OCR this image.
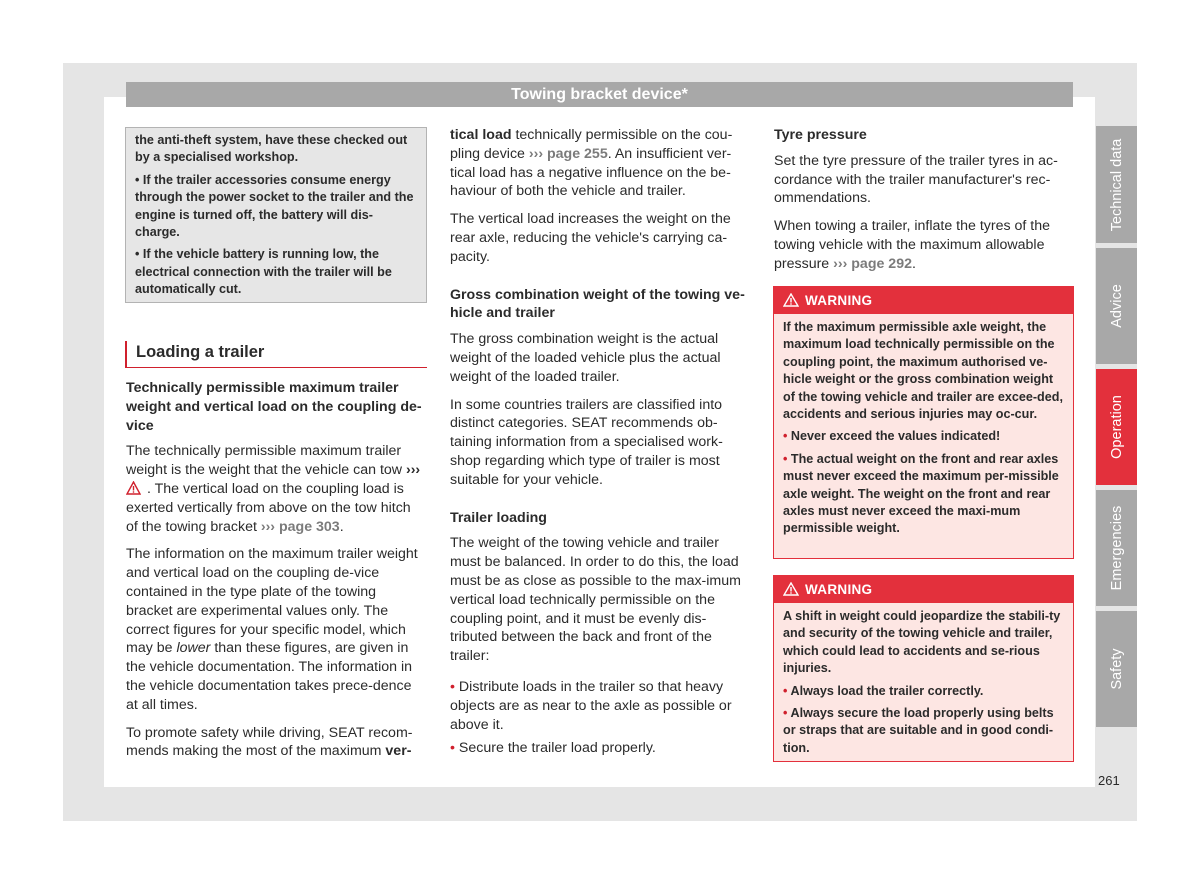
Towing bracket device*

the anti-theft system, have these checked out by a specialised workshop.

• If the trailer accessories consume energy through the power socket to the trailer and the engine is turned off, the battery will dis-charge.

• If the vehicle battery is running low, the electrical connection with the trailer will be automatically cut.

Loading a trailer

Technically permissible maximum trailer weight and vertical load on the coupling de-vice

The technically permissible maximum trailer weight is the weight that the vehicle can tow ››› . The vertical load on the coupling load is exerted vertically from above on the tow hitch of the towing bracket ››› page 303.

The information on the maximum trailer weight and vertical load on the coupling de-vice contained in the type plate of the towing bracket are experimental values only. The correct figures for your specific model, which may be lower than these figures, are given in the vehicle documentation. The information in the vehicle documentation takes prece-dence at all times.

To promote safety while driving, SEAT recom-mends making the most of the maximum ver-

tical load technically permissible on the cou-pling device ››› page 255. An insufficient ver-tical load has a negative influence on the be-haviour of both the vehicle and trailer.

The vertical load increases the weight on the rear axle, reducing the vehicle's carrying ca-pacity.

Gross combination weight of the towing ve-hicle and trailer

The gross combination weight is the actual weight of the loaded vehicle plus the actual weight of the loaded trailer.

In some countries trailers are classified into distinct categories. SEAT recommends ob-taining information from a specialised work-shop regarding which type of trailer is most suitable for your vehicle.

Trailer loading

The weight of the towing vehicle and trailer must be balanced. In order to do this, the load must be as close as possible to the max-imum vertical load technically permissible on the coupling point, and it must be evenly dis-tributed between the back and front of the trailer:

• Distribute loads in the trailer so that heavy objects are as near to the axle as possible or above it.

• Secure the trailer load properly.

Tyre pressure

Set the tyre pressure of the trailer tyres in ac-cordance with the trailer manufacturer's rec-ommendations.

When towing a trailer, inflate the tyres of the towing vehicle with the maximum allowable pressure ››› page 292.

WARNING

If the maximum permissible axle weight, the maximum load technically permissible on the coupling point, the maximum authorised ve-hicle weight or the gross combination weight of the towing vehicle and trailer are excee-ded, accidents and serious injuries may oc-cur.

• Never exceed the values indicated!

• The actual weight on the front and rear axles must never exceed the maximum per-missible axle weight. The weight on the front and rear axles must never exceed the maxi-mum permissible weight.

WARNING

A shift in weight could jeopardize the stabili-ty and security of the towing vehicle and trailer, which could lead to accidents and se-rious injuries.

• Always load the trailer correctly.

• Always secure the load properly using belts or straps that are suitable and in good condi-tion.

Technical data
Advice
Operation
Emergencies
Safety
261
